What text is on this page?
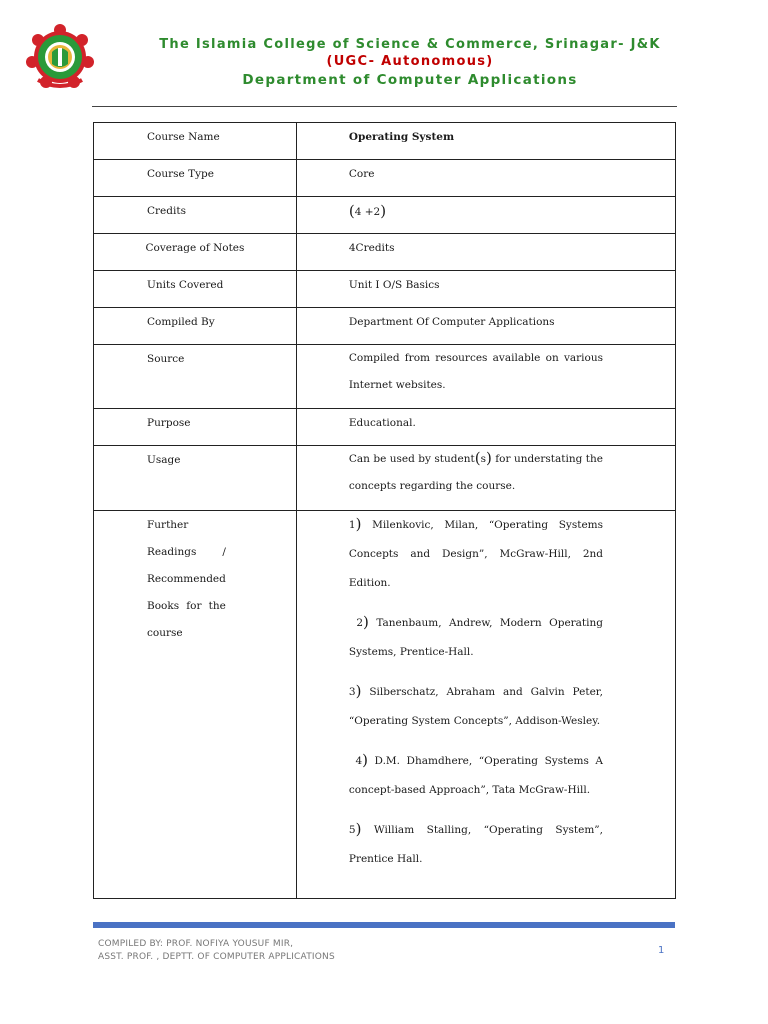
The Islamia College of Science & Commerce, Srinagar- J&K
(UGC- Autonomous)
Department of Computer Applications
Course Name	Operating System

Course Type	Core

Credits	(4 +2)

Coverage of Notes	4Credits

Units Covered	Unit I O/S Basics

Compiled By	Department Of Computer Applications

Source	Compiled from resources available on various Internet websites.

Purpose	Educational.

Usage	Can be used by student(s) for understating the concepts regarding the course.

Further Readings / Recommended Books for the course	1) Milenkovic, Milan, “Operating Systems Concepts and Design”, McGraw-Hill, 2nd Edition.
2) Tanenbaum, Andrew, Modern Operating Systems, Prentice-Hall.
3) Silberschatz, Abraham and Galvin Peter, “Operating System Concepts”, Addison-Wesley.
4) D.M. Dhamdhere, “Operating Systems A concept-based Approach”, Tata McGraw-Hill.
5) William Stalling, “Operating System”, Prentice Hall.
COMPILED BY: PROF. NOFIYA YOUSUF MIR,
ASST. PROF. , DEPTT. OF COMPUTER APPLICATIONS
1
